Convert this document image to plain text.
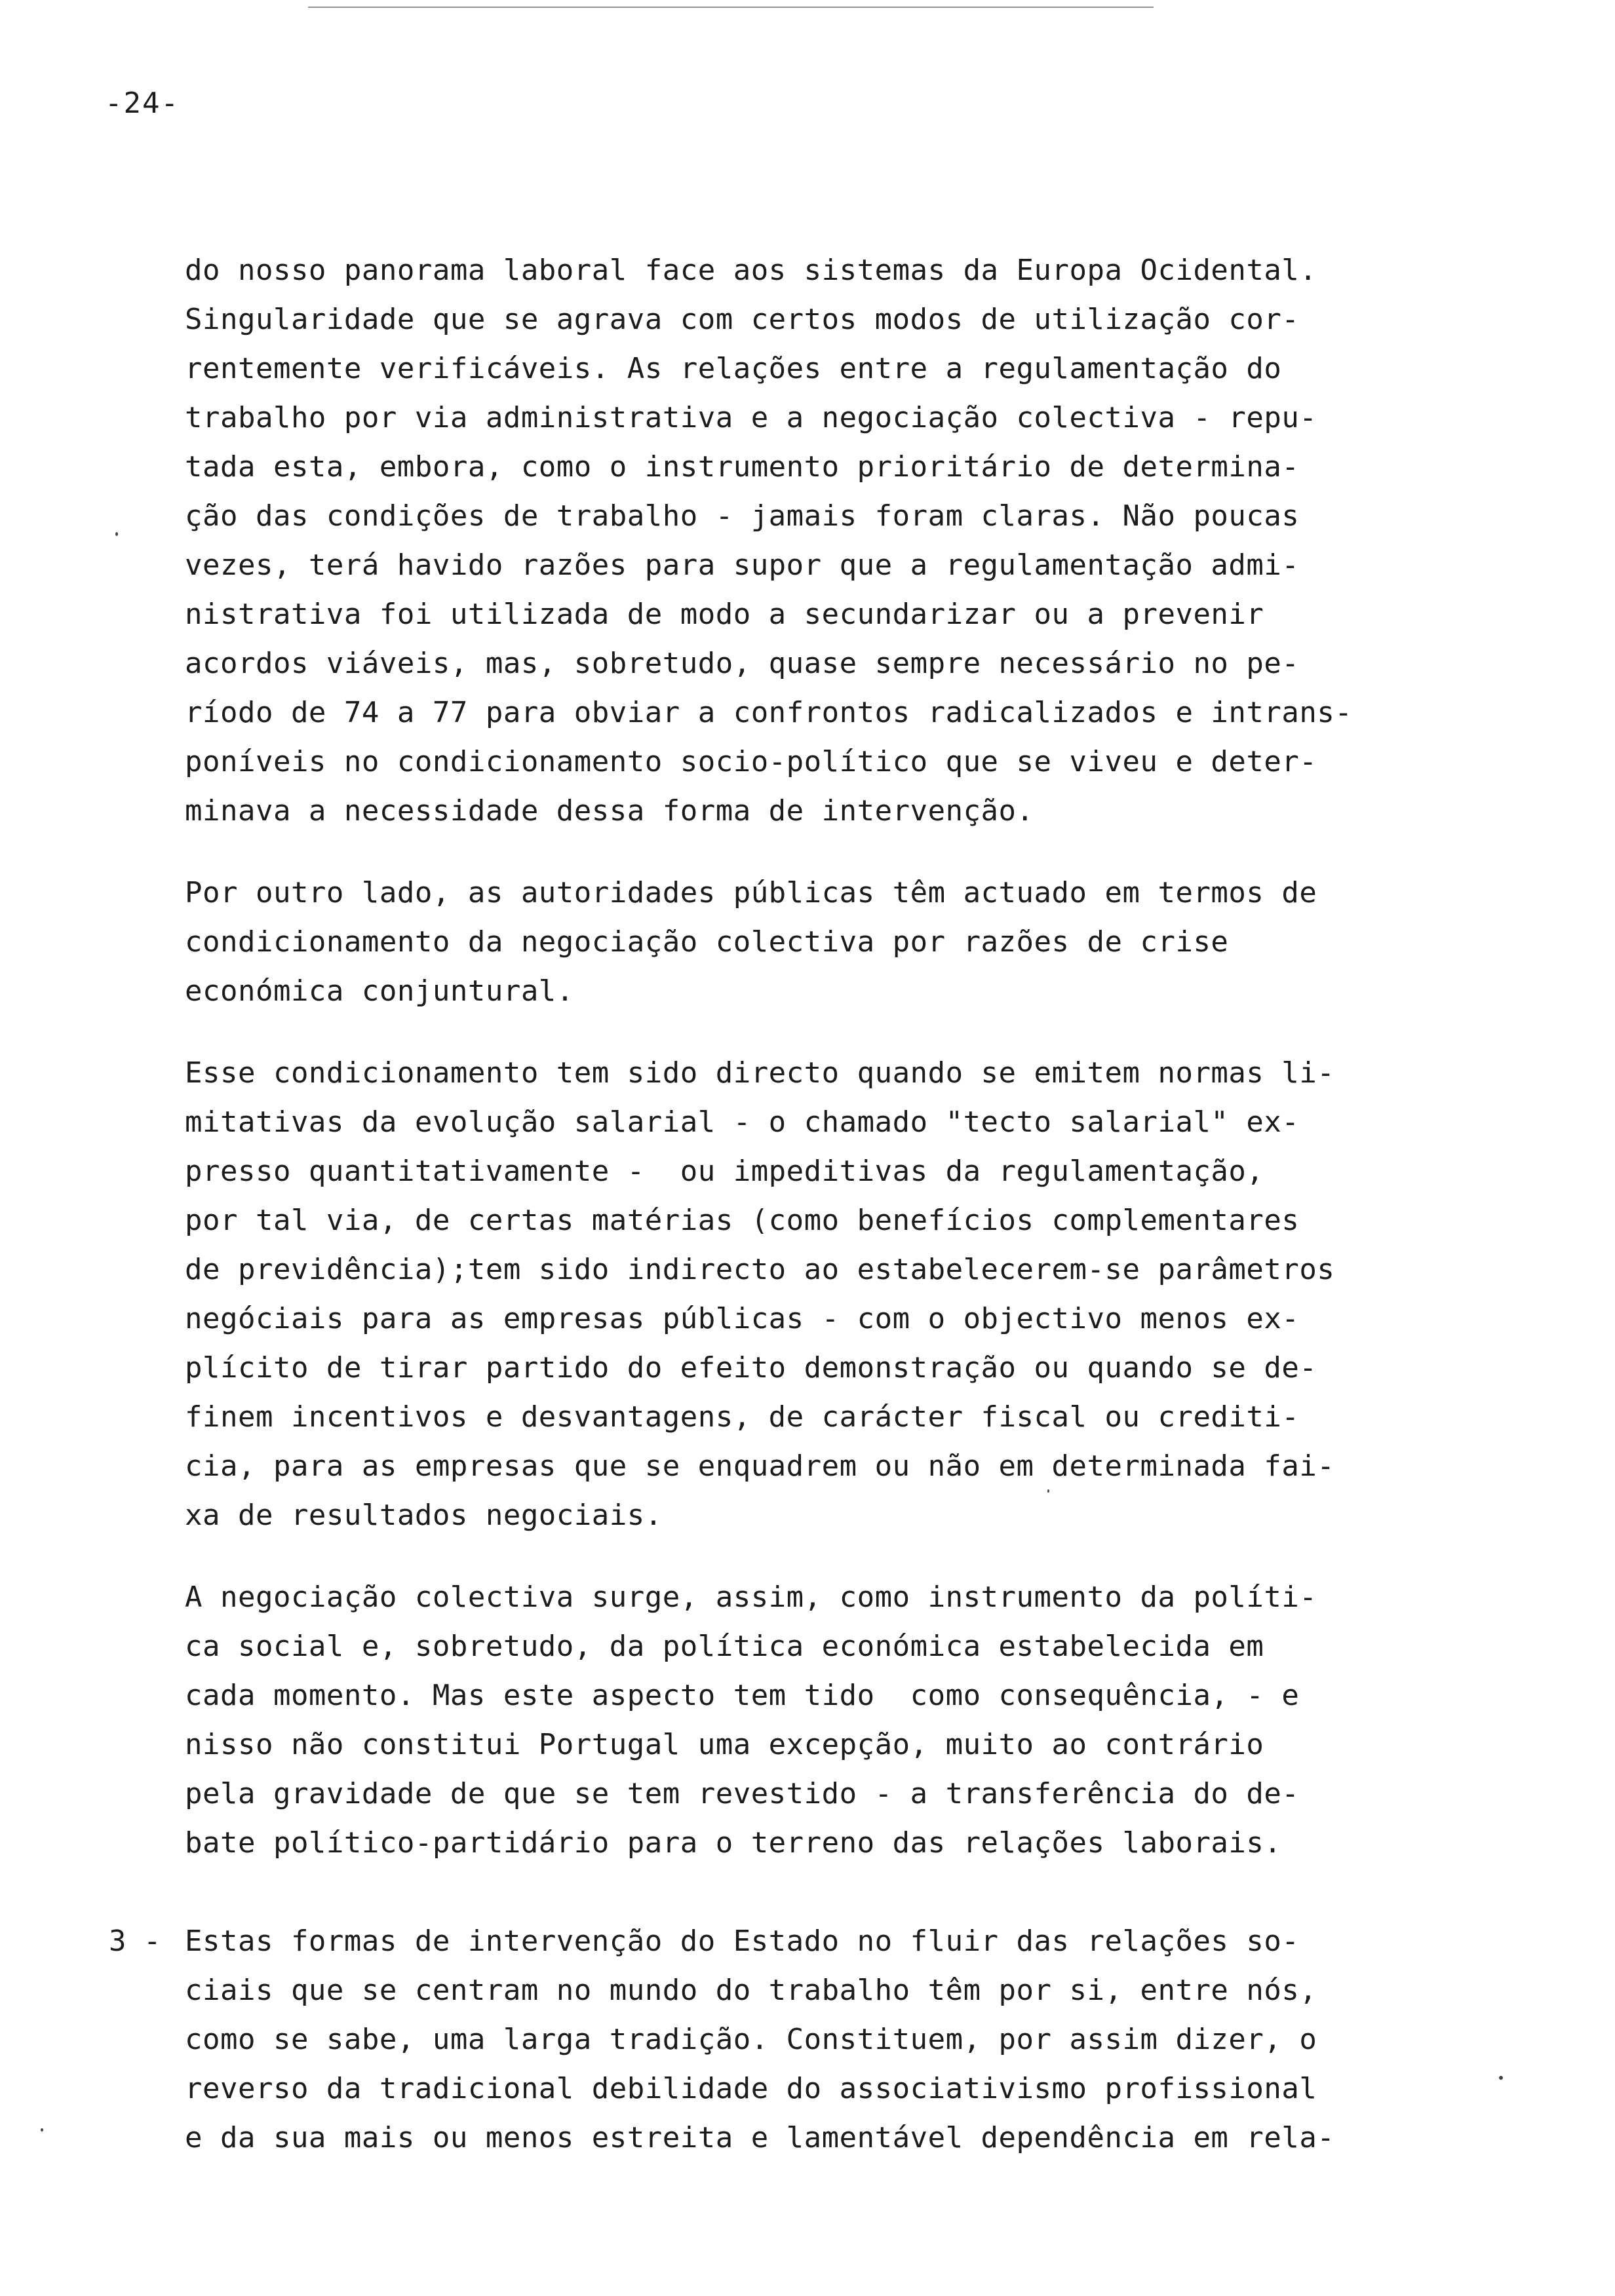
-24-

do nosso panorama laboral face aos sistemas da Europa Ocidental.

Singularidade que se agrava com certos modos de utilização cor-

rentemente verificáveis. As relações entre a regulamentação do

trabalho por via administrativa e a negociação colectiva - repu-

tada esta, embora, como o instrumento prioritário de determina-

ção das condições de trabalho - jamais foram claras. Não poucas

vezes, terá havido razões para supor que a regulamentação admi-

nistrativa foi utilizada de modo a secundarizar ou a prevenir

acordos viáveis, mas, sobretudo, quase sempre necessário no pe-

ríodo de 74 a 77 para obviar a confrontos radicalizados e intrans-

poníveis no condicionamento socio-político que se viveu e deter-

minava a necessidade dessa forma de intervenção.

Por outro lado, as autoridades públicas têm actuado em termos de

condicionamento da negociação colectiva por razões de crise

económica conjuntural.

Esse condicionamento tem sido directo quando se emitem normas li-

mitativas da evolução salarial - o chamado "tecto salarial" ex-

presso quantitativamente -  ou impeditivas da regulamentação,

por tal via, de certas matérias (como benefícios complementares

de previdência);tem sido indirecto ao estabelecerem-se parâmetros

negóciais para as empresas públicas - com o objectivo menos ex-

plícito de tirar partido do efeito demonstração ou quando se de-

finem incentivos e desvantagens, de carácter fiscal ou crediti-

cia, para as empresas que se enquadrem ou não em determinada fai-

xa de resultados negociais.

A negociação colectiva surge, assim, como instrumento da políti-

ca social e, sobretudo, da política económica estabelecida em

cada momento. Mas este aspecto tem tido  como consequência, - e

nisso não constitui Portugal uma excepção, muito ao contrário

pela gravidade de que se tem revestido - a transferência do de-

bate político-partidário para o terreno das relações laborais.

3 - Estas formas de intervenção do Estado no fluir das relações so-

ciais que se centram no mundo do trabalho têm por si, entre nós,

como se sabe, uma larga tradição. Constituem, por assim dizer, o

reverso da tradicional debilidade do associativismo profissional

e da sua mais ou menos estreita e lamentável dependência em rela-
